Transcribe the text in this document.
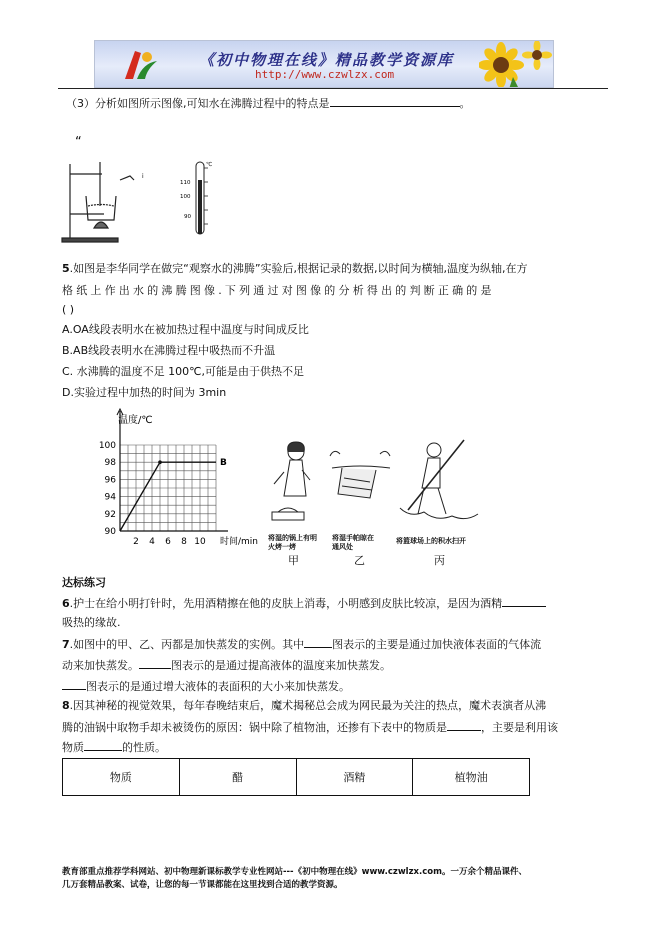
《初中物理在线》精品教学资源库
http://www.czwlzx.com
（3）分析如图所示图像,可知水在沸腾过程中的特点是	。
“
i
℃
110
100
90
5.如图是李华同学在做完“观察水的沸腾”实验后,根据记录的数据,以时间为横轴,温度为纵轴,在方
格纸上作出水的沸腾图像.下列通过对图像的分析得出的判断正确的是
( )
A.OA线段表明水在被加热过程中温度与时间成反比
B.AB线段表明水在沸腾过程中吸热而不升温
C. 水沸腾的温度不足 100℃,可能是由于供热不足
D.实验过程中加热的时间为 3min
90
92
94
96
98
100
2 4 6 8 10
温度/℃
时间/min
B
将湿的锅上有明火烤一烤
将湿手帕晾在通风处
将篮球场上的积水扫开
甲	乙	丙
达标练习
6.护士在给小明打针时，先用酒精擦在他的皮肤上消毒，小明感到皮肤比较凉，是因为酒精
吸热的缘故.
7.如图中的甲、乙、丙都是加快蒸发的实例。其中	图表示的主要是通过加快液体表面的气体流
动来加快蒸发。	图表示的是通过提高液体的温度来加快蒸发。
图表示的是通过增大液体的表面积的大小来加快蒸发。
8.因其神秘的视觉效果，每年春晚结束后，魔术揭秘总会成为网民最为关注的热点，魔术表演者从沸
腾的油锅中取物手却未被烫伤的原因：锅中除了植物油，还掺有下表中的物质是	，主要是利用该
物质	的性质。
物质	醋	酒精	植物油
教育部重点推荐学科网站、初中物理新课标教学专业性网站---《初中物理在线》www.czwlzx.com。一万余个精品课件、
几万套精品教案、试卷，让您的每一节课都能在这里找到合适的教学资源。
